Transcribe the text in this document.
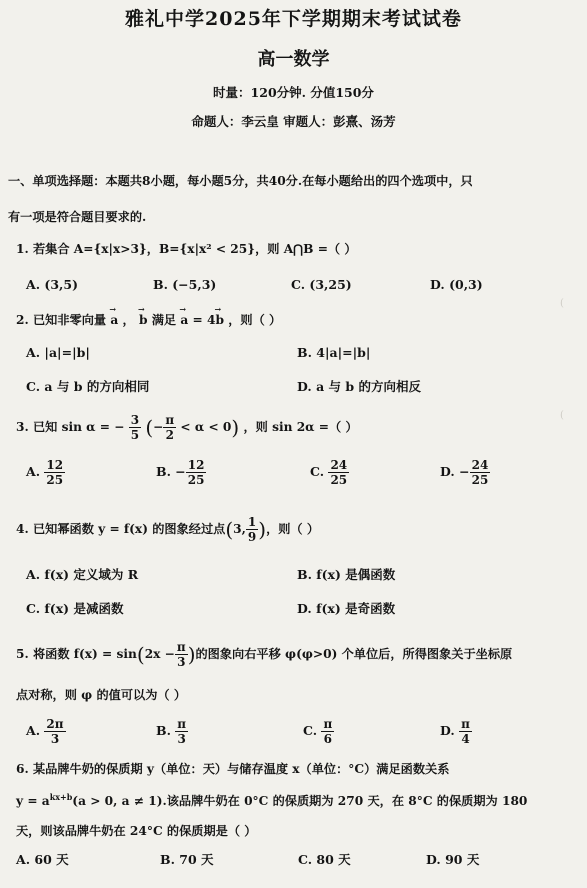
(
(
雅礼中学2025年下学期期末考试试卷
高一数学
时量：120分钟. 分值150分
命题人：李云皇 审题人：彭熹、汤芳
一、单项选择题：本题共8小题，每小题5分，共40分.在每小题给出的四个选项中，只
有一项是符合题目要求的.
1. 若集合 A={x|x>3}，B={x|x² < 25}，则 A⋂B =（ ）
A. (3,5)	B. (−5,3)	C. (3,25)	D. (0,3)
2. 已知非零向量 → a ， → b 满足 → a = 4→ b ，则（ ）
A. |a|=|b|	B. 4|a|=|b|
C. a 与 b 的方向相同	D. a 与 b 的方向相反
3. 已知 sin α = − $\frac{3}{5}$ (− $\frac{\pi}{2} < \alpha < 0$) ，则 sin 2α =（ ）
A. $\frac{12}{25}$	B. − $\frac{12}{25}$	C. $\frac{24}{25}$	D. − $\frac{24}{25}$
4. 已知幂函数 y = f(x) 的图象经过点(3, $\frac{1}{9}$ )，则（ ）
A. f(x) 定义域为 R	B. f(x) 是偶函数
C. f(x) 是减函数	D. f(x) 是奇函数
5. 将函数 $f(x) = \sin(2x - \frac{\pi}{3}$ )的图象向右平移 φ(φ>0) 个单位后，所得图象关于坐标原
点对称，则 φ 的值可以为（ ）
A. $\frac{2\pi}{3}$	B. $\frac{\pi}{3}$	C. $\frac{\pi}{6}$	D. $\frac{\pi}{4}$
6. 某品牌牛奶的保质期 y（单位：天）与储存温度 x（单位：°C）满足函数关系
$y = a^{kx+b}(a > 0$, a ≠ 1).该品牌牛奶在 0°C 的保质期为 270 天，在 8°C 的保质期为 180
天，则该品牌牛奶在 24°C 的保质期是（ ）
A. 60 天	B. 70 天	C. 80 天	D. 90 天
